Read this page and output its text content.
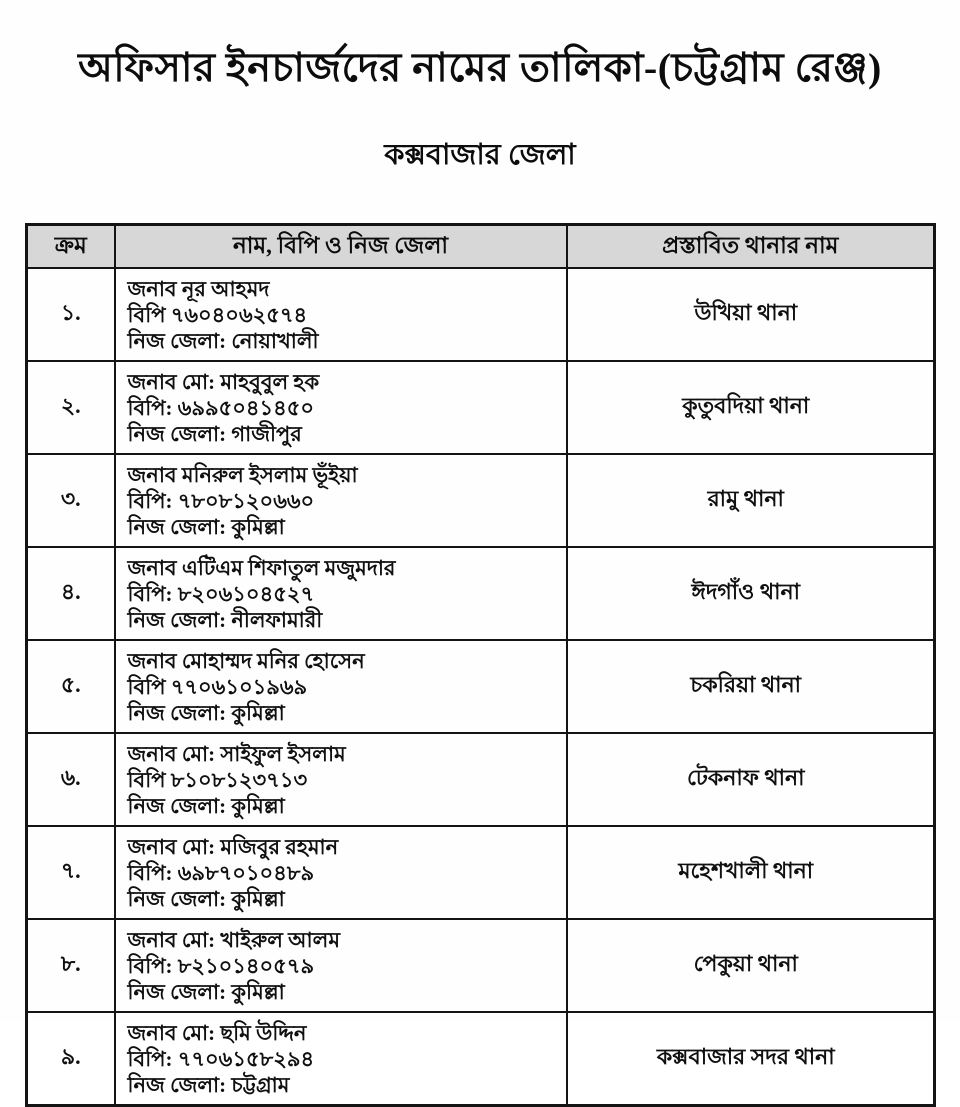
অফিসার ইনচার্জদের নামের তালিকা-(চট্টগ্রাম রেঞ্জ)
কক্সবাজার জেলা
ক্রম	নাম, বিপি ও নিজ জেলা	প্রস্তাবিত থানার নাম
১.	জনাব নূর আহমদ
বিপি ৭৬০৪০৬২৫৭৪
নিজ জেলা: নোয়াখালী	উখিয়া থানা
২.	জনাব মো: মাহবুবুল হক
বিপি: ৬৯৯৫০৪১৪৫০
নিজ জেলা: গাজীপুর	কুতুবদিয়া থানা
৩.	জনাব মনিরুল ইসলাম ভূঁইয়া
বিপি: ৭৮০৮১২০৬৬০
নিজ জেলা: কুমিল্লা	রামু থানা
৪.	জনাব এটিএম শিফাতুল মজুমদার
বিপি: ৮২০৬১০৪৫২৭
নিজ জেলা: নীলফামারী	ঈদগাঁও থানা
৫.	জনাব মোহাম্মদ মনির হোসেন
বিপি ৭৭০৬১০১৯৬৯
নিজ জেলা: কুমিল্লা	চকরিয়া থানা
৬.	জনাব মো: সাইফুল ইসলাম
বিপি ৮১০৮১২৩৭১৩
নিজ জেলা: কুমিল্লা	টেকনাফ থানা
৭.	জনাব মো: মজিবুর রহমান
বিপি: ৬৯৮৭০১০৪৮৯
নিজ জেলা: কুমিল্লা	মহেশখালী থানা
৮.	জনাব মো: খাইরুল আলম
বিপি: ৮২১০১৪০৫৭৯
নিজ জেলা: কুমিল্লা	পেকুয়া থানা
৯.	জনাব মো: ছমি উদ্দিন
বিপি: ৭৭০৬১৫৮২৯৪
নিজ জেলা: চট্টগ্রাম	কক্সবাজার সদর থানা
